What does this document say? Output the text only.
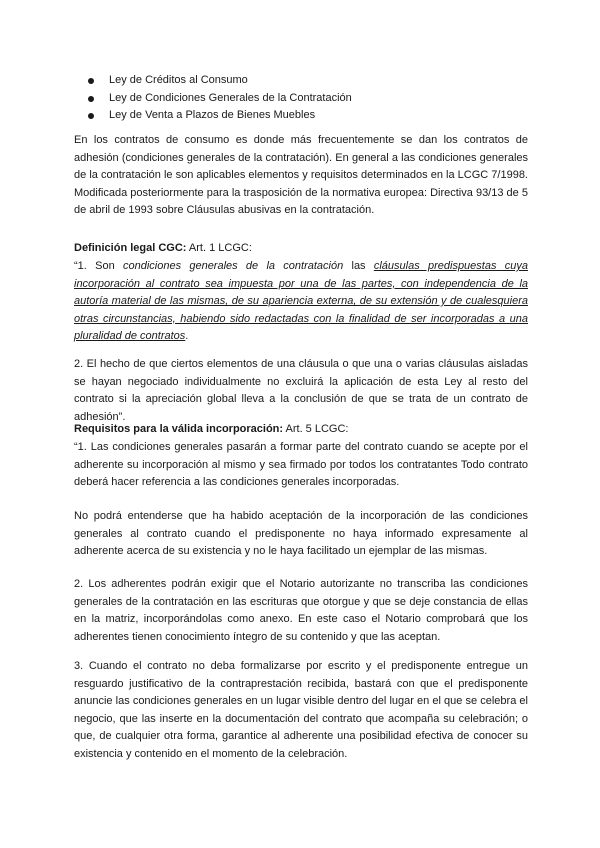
Ley de Créditos al Consumo
Ley de Condiciones Generales de la Contratación
Ley de Venta a Plazos de Bienes Muebles

En los contratos de consumo es donde más frecuentemente se dan los contratos de adhesión (condiciones generales de la contratación). En general a las condiciones generales de la contratación le son aplicables elementos y requisitos determinados en la LCGC 7/1998. Modificada posteriormente para la trasposición de la normativa europea: Directiva 93/13 de 5 de abril de 1993 sobre Cláusulas abusivas en la contratación.

Definición legal CGC: Art. 1 LCGC:

“1. Son condiciones generales de la contratación las cláusulas predispuestas cuya incorporación al contrato sea impuesta por una de las partes, con independencia de la autoría material de las mismas, de su apariencia externa, de su extensión y de cualesquiera otras circunstancias, habiendo sido redactadas con la finalidad de ser incorporadas a una pluralidad de contratos.

2. El hecho de que ciertos elementos de una cláusula o que una o varias cláusulas aisladas se hayan negociado individualmente no excluirá la aplicación de esta Ley al resto del contrato si la apreciación global lleva a la conclusión de que se trata de un contrato de adhesión”.

Requisitos para la válida incorporación: Art. 5 LCGC:

“1. Las condiciones generales pasarán a formar parte del contrato cuando se acepte por el adherente su incorporación al mismo y sea firmado por todos los contratantes Todo contrato deberá hacer referencia a las condiciones generales incorporadas.

No podrá entenderse que ha habido aceptación de la incorporación de las condiciones generales al contrato cuando el predisponente no haya informado expresamente al adherente acerca de su existencia y no le haya facilitado un ejemplar de las mismas.

2. Los adherentes podrán exigir que el Notario autorizante no transcriba las condiciones generales de la contratación en las escrituras que otorgue y que se deje constancia de ellas en la matriz, incorporándolas como anexo. En este caso el Notario comprobará que los adherentes tienen conocimiento íntegro de su contenido y que las aceptan.

3. Cuando el contrato no deba formalizarse por escrito y el predisponente entregue un resguardo justificativo de la contraprestación recibida, bastará con que el predisponente anuncie las condiciones generales en un lugar visible dentro del lugar en el que se celebra el negocio, que las inserte en la documentación del contrato que acompaña su celebración; o que, de cualquier otra forma, garantice al adherente una posibilidad efectiva de conocer su existencia y contenido en el momento de la celebración.
